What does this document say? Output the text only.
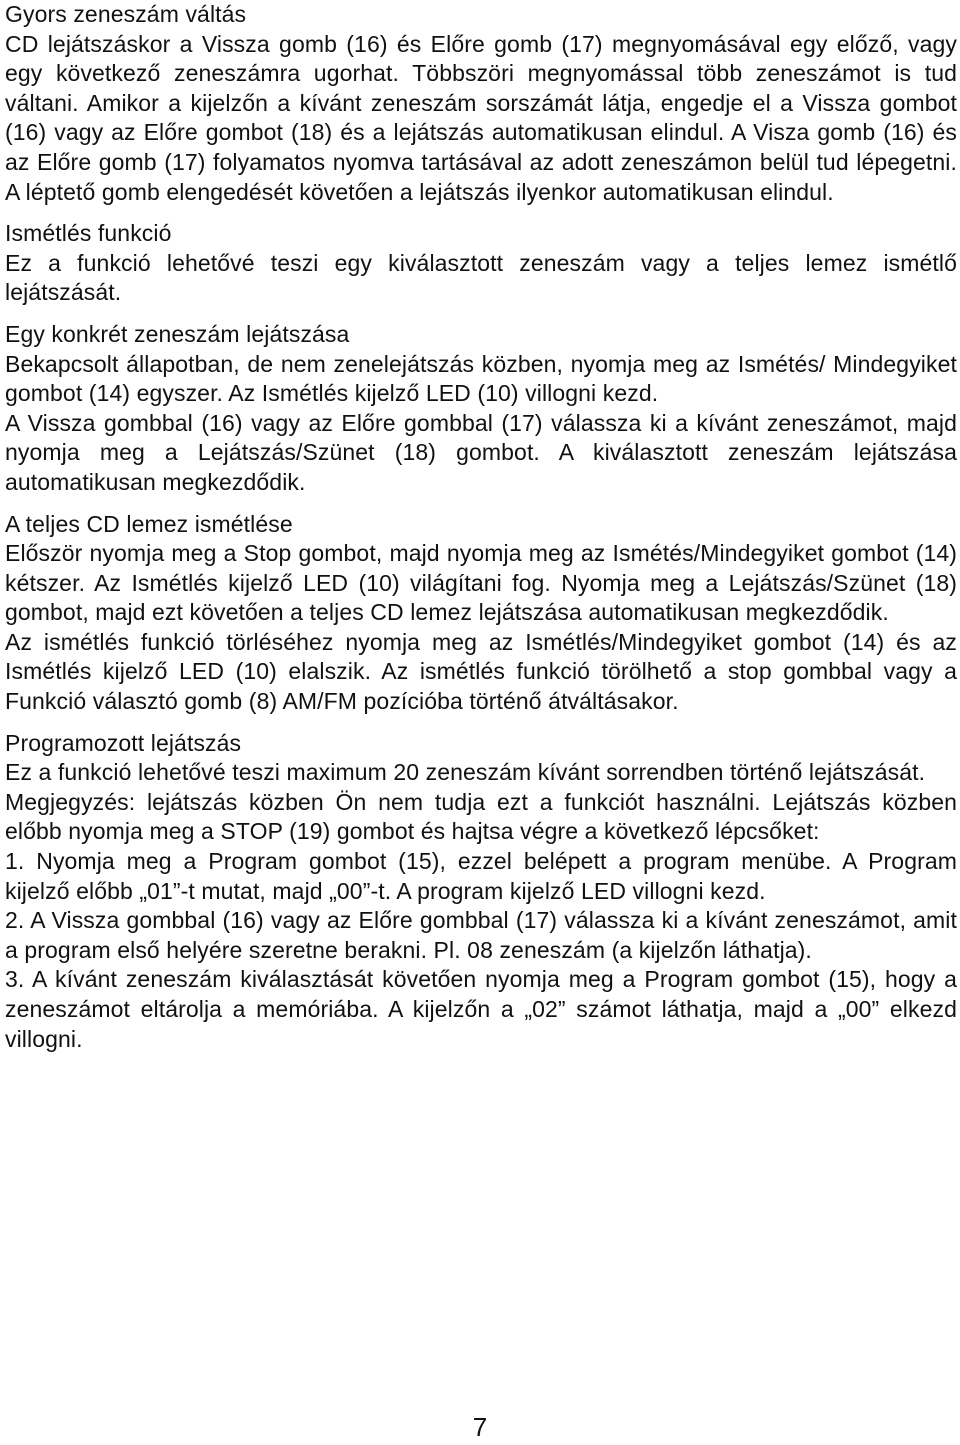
Gyors zeneszám váltás

CD lejátszáskor a Vissza gomb (16) és Előre gomb (17) megnyomásával egy előző, vagy egy következő zeneszámra ugorhat. Többszöri megnyomással több zeneszámot is tud váltani. Amikor a kijelzőn a kívánt zeneszám sorszámát látja, engedje el a Vissza gombot (16) vagy az Előre gombot (18) és a lejátszás automatikusan elindul. A Visza gomb (16) és az Előre gomb (17) folyamatos nyomva tartásával az adott zeneszámon belül tud lépegetni. A léptető gomb elengedését követően a lejátszás ilyenkor automatikusan elindul.

Ismétlés funkció

Ez a funkció lehetővé teszi egy kiválasztott zeneszám vagy a teljes lemez ismétlő lejátszását.

Egy konkrét zeneszám lejátszása

Bekapcsolt állapotban, de nem zenelejátszás közben, nyomja meg az Ismétés/ Mindegyiket gombot (14) egyszer. Az Ismétlés kijelző LED (10) villogni kezd.

A Vissza gombbal (16) vagy az Előre gombbal (17) válassza ki a kívánt zeneszámot, majd nyomja meg a Lejátszás/Szünet (18) gombot. A kiválasztott zeneszám lejátszása automatikusan megkezdődik.

A teljes CD lemez ismétlése

Először nyomja meg a Stop gombot, majd nyomja meg az Ismétés/Mindegyiket gombot (14) kétszer. Az Ismétlés kijelző LED (10) világítani fog. Nyomja meg a Lejátszás/Szünet (18) gombot, majd ezt követően a teljes CD lemez lejátszása automatikusan megkezdődik.

Az ismétlés funkció törléséhez nyomja meg az Ismétlés/Mindegyiket gombot (14) és az Ismétlés kijelző LED (10) elalszik. Az ismétlés funkció törölhető a stop gombbal vagy a Funkció választó gomb (8) AM/FM pozícióba történő átváltásakor.

Programozott lejátszás

Ez a funkció lehetővé teszi maximum 20 zeneszám kívánt sorrendben történő lejátszását.

Megjegyzés: lejátszás közben Ön nem tudja ezt a funkciót használni. Lejátszás közben előbb nyomja meg a STOP (19) gombot és hajtsa végre a következő lépcsőket:

1. Nyomja meg a Program gombot (15), ezzel belépett a program menübe. A Program kijelző előbb „01”-t mutat, majd „00”-t. A program kijelző LED villogni kezd.

2. A Vissza gombbal (16) vagy az Előre gombbal (17) válassza ki a kívánt zeneszámot, amit a program első helyére szeretne berakni. Pl. 08 zeneszám (a kijelzőn láthatja).

3. A kívánt zeneszám kiválasztását követően nyomja meg a Program gombot (15), hogy a zeneszámot eltárolja a memóriába. A kijelzőn a „02” számot láthatja, majd a „00” elkezd villogni.

7
